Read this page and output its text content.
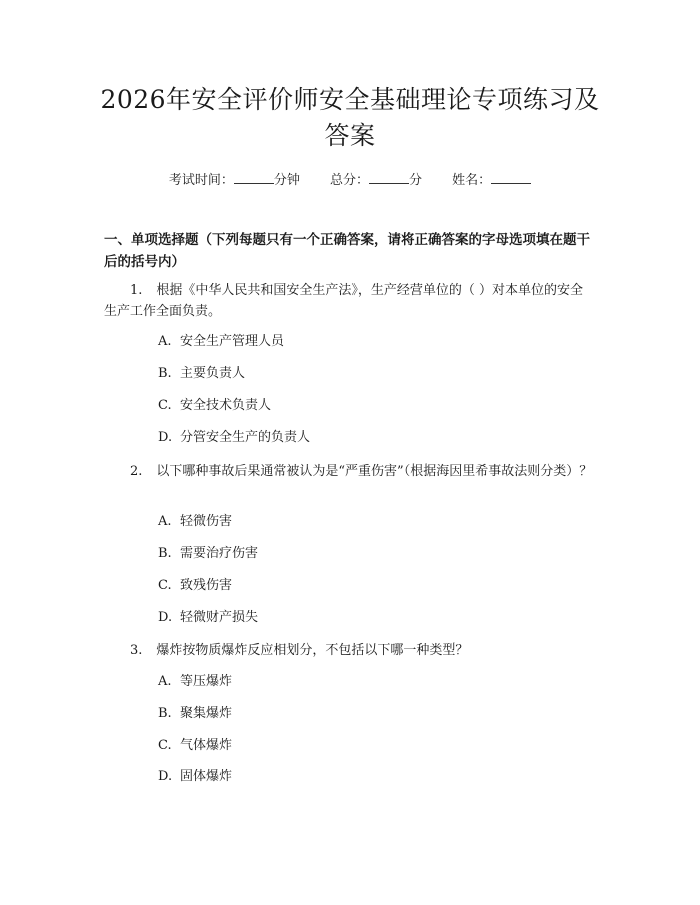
2026年安全评价师安全基础理论专项练习及答案
考试时间：	分钟 总分：	分 姓名：

一、单项选择题（下列每题只有一个正确答案，请将正确答案的字母选项填在题干后的括号内）

1. 根据《中华人民共和国安全生产法》，生产经营单位的（ ）对本单位的安全生产工作全面负责。

A. 安全生产管理人员
B. 主要负责人
C. 安全技术负责人
D. 分管安全生产的负责人

2. 以下哪种事故后果通常被认为是“严重伤害”（根据海因里希事故法则分类）？

A. 轻微伤害
B. 需要治疗伤害
C. 致残伤害
D. 轻微财产损失

3. 爆炸按物质爆炸反应相划分，不包括以下哪一种类型？

A. 等压爆炸
B. 聚集爆炸
C. 气体爆炸
D. 固体爆炸
